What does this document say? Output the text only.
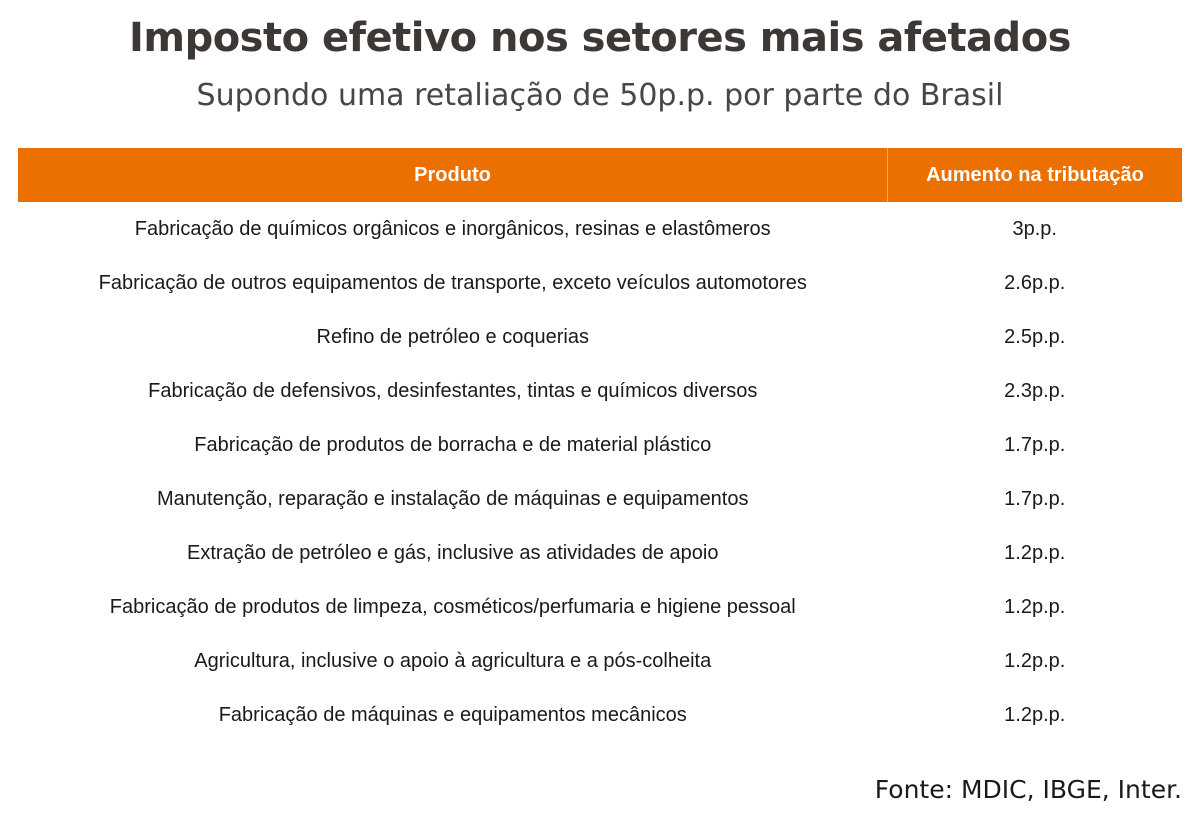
Imposto efetivo nos setores mais afetados
Supondo uma retaliação de 50p.p. por parte do Brasil
Produto	Aumento na tributação
Fabricação de químicos orgânicos e inorgânicos, resinas e elastômeros	3p.p.
Fabricação de outros equipamentos de transporte, exceto veículos automotores	2.6p.p.
Refino de petróleo e coquerias	2.5p.p.
Fabricação de defensivos, desinfestantes, tintas e químicos diversos	2.3p.p.
Fabricação de produtos de borracha e de material plástico	1.7p.p.
Manutenção, reparação e instalação de máquinas e equipamentos	1.7p.p.
Extração de petróleo e gás, inclusive as atividades de apoio	1.2p.p.
Fabricação de produtos de limpeza, cosméticos/perfumaria e higiene pessoal	1.2p.p.
Agricultura, inclusive o apoio à agricultura e a pós-colheita	1.2p.p.
Fabricação de máquinas e equipamentos mecânicos	1.2p.p.
Fonte: MDIC, IBGE, Inter.
